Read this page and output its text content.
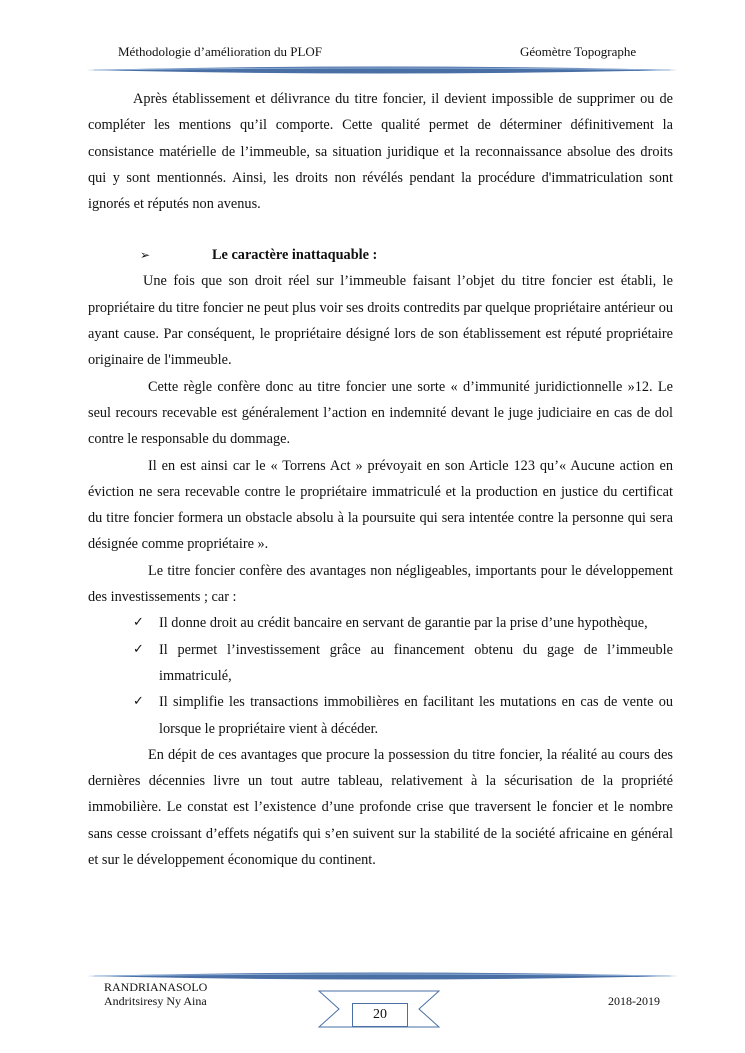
Méthodologie d’amélioration du PLOF	Géomètre Topographe

Après établissement et délivrance du titre foncier, il devient impossible de supprimer ou de compléter les mentions qu’il comporte. Cette qualité permet de déterminer définitivement la consistance matérielle de l’immeuble, sa situation juridique et la reconnaissance absolue des droits qui y sont mentionnés. Ainsi, les droits non révélés pendant la procédure d'immatriculation sont ignorés et réputés non avenus.

➢	Le caractère inattaquable :

Une fois que son droit réel sur l’immeuble faisant l’objet du titre foncier est établi, le propriétaire du titre foncier ne peut plus voir ses droits contredits par quelque propriétaire antérieur ou ayant cause. Par conséquent, le propriétaire désigné lors de son établissement est réputé propriétaire originaire de l'immeuble.

Cette règle confère donc au titre foncier une sorte « d’immunité juridictionnelle »12. Le seul recours recevable est généralement l’action en indemnité devant le juge judiciaire en cas de dol contre le responsable du dommage.

Il en est ainsi car le « Torrens Act » prévoyait en son Article 123 qu’« Aucune action en éviction ne sera recevable contre le propriétaire immatriculé et la production en justice du certificat du titre foncier formera un obstacle absolu à la poursuite qui sera intentée contre la personne qui sera désignée comme propriétaire ».

Le titre foncier confère des avantages non négligeables, importants pour le développement des investissements ; car :

✓ Il donne droit au crédit bancaire en servant de garantie par la prise d’une hypothèque,
✓ Il permet l’investissement grâce au financement obtenu du gage de l’immeuble immatriculé,
✓ Il simplifie les transactions immobilières en facilitant les mutations en cas de vente ou lorsque le propriétaire vient à décéder.

En dépit de ces avantages que procure la possession du titre foncier, la réalité au cours des dernières décennies livre un tout autre tableau, relativement à la sécurisation de la propriété immobilière. Le constat est l’existence d’une profonde crise que traversent le foncier et le nombre sans cesse croissant d’effets négatifs qui s’en suivent sur la stabilité de la société africaine en général et sur le développement économique du continent.

RANDRIANASOLO
Andritsiresy Ny Aina
20
2018-2019
